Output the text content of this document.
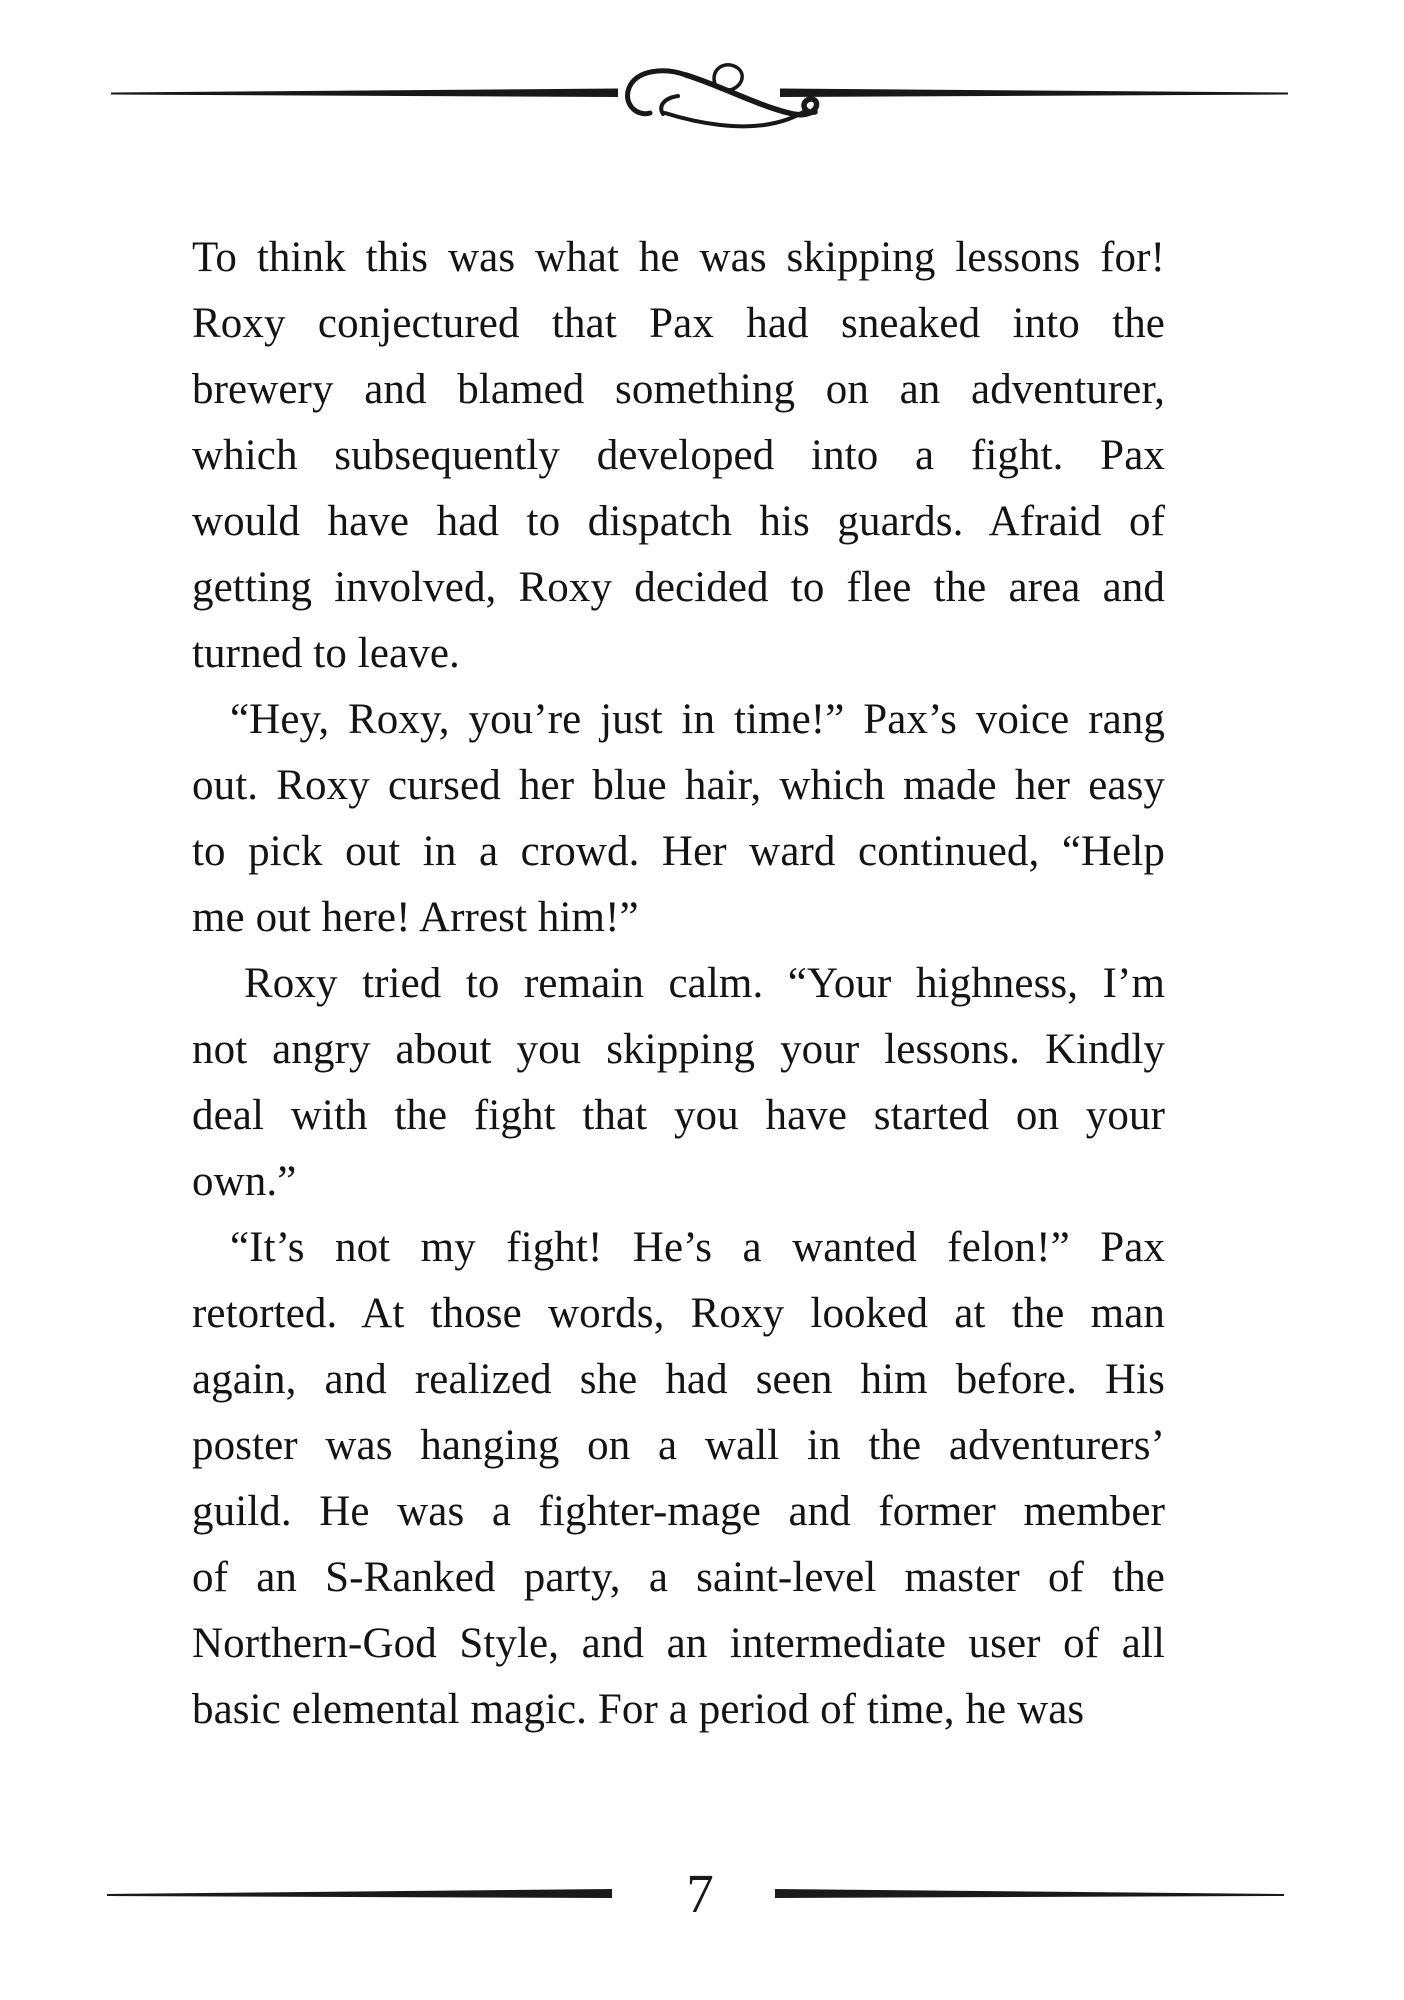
To think this was what he was skipping lessons for!
Roxy conjectured that Pax had sneaked into the
brewery and blamed something on an adventurer,
which subsequently developed into a fight. Pax
would have had to dispatch his guards. Afraid of
getting involved, Roxy decided to flee the area and
turned to leave.
“Hey, Roxy, you’re just in time!” Pax’s voice rang
out. Roxy cursed her blue hair, which made her easy
to pick out in a crowd. Her ward continued, “Help
me out here! Arrest him!”
Roxy tried to remain calm. “Your highness, I’m
not angry about you skipping your lessons. Kindly
deal with the fight that you have started on your
own.”
“It’s not my fight! He’s a wanted felon!” Pax
retorted. At those words, Roxy looked at the man
again, and realized she had seen him before. His
poster was hanging on a wall in the adventurers’
guild. He was a fighter-mage and former member
of an S-Ranked party, a saint-level master of the
Northern-God Style, and an intermediate user of all
basic elemental magic. For a period of time, he was
7
